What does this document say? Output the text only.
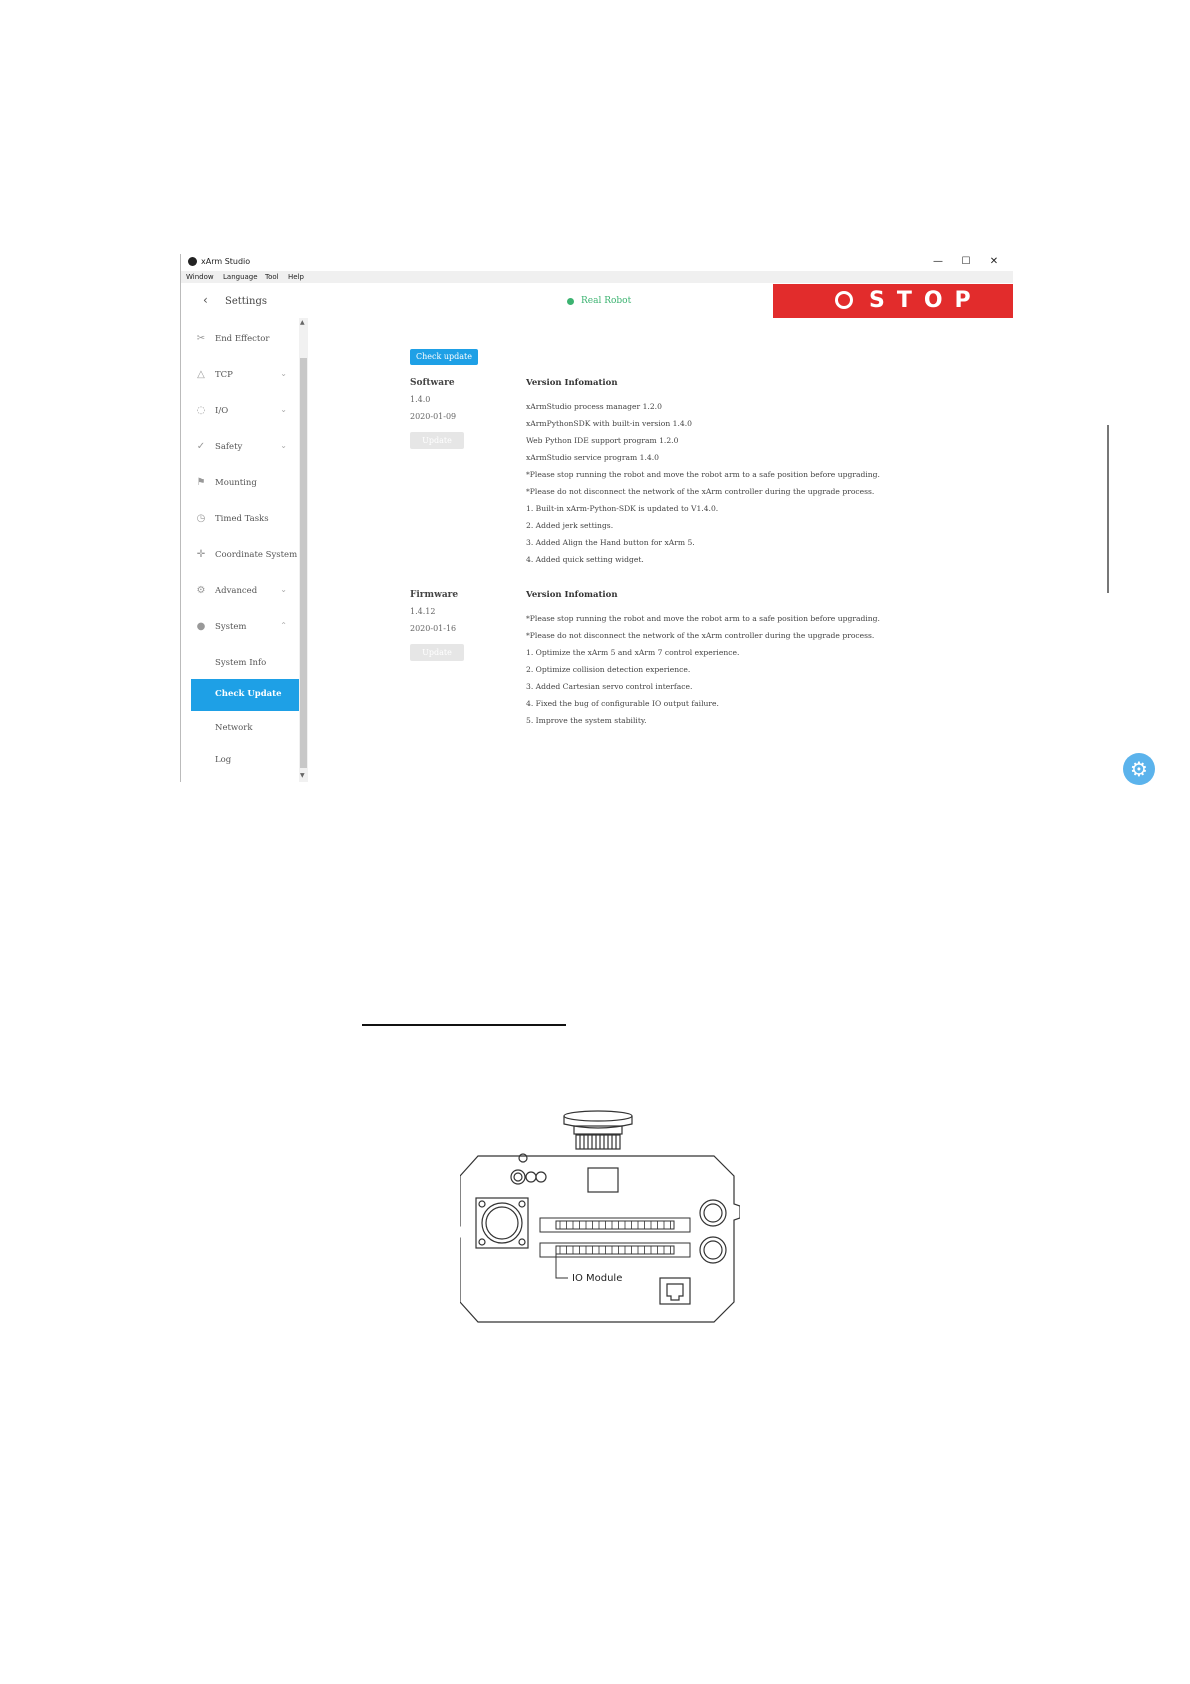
xArm Studio	— ☐ ✕
Window Language Tool Help
‹ Settings	Real Robot	STOP
✂ End Effector
△ TCP	⌄
◌ I/O	⌄
✓ Safety	⌄
⚑ Mounting
◷ Timed Tasks
✛ Coordinate System
⚙ Advanced	⌄
● System	⌃
System Info
Check Update
Network
Log
▲
▼
Check update
Software
1.4.0
2020-01-09
Update
Version Infomation
xArmStudio process manager 1.2.0
xArmPythonSDK with built-in version 1.4.0
Web Python IDE support program 1.2.0
xArmStudio service program 1.4.0
*Please stop running the robot and move the robot arm to a safe position before upgrading.
*Please do not disconnect the network of the xArm controller during the upgrade process.
1. Built-in xArm-Python-SDK is updated to V1.4.0.
2. Added jerk settings.
3. Added Align the Hand button for xArm 5.
4. Added quick setting widget.
Firmware
1.4.12
2020-01-16
Update
Version Infomation
*Please stop running the robot and move the robot arm to a safe position before upgrading.
*Please do not disconnect the network of the xArm controller during the upgrade process.
1. Optimize the xArm 5 and xArm 7 control experience.
2. Optimize collision detection experience.
3. Added Cartesian servo control interface.
4. Fixed the bug of configurable IO output failure.
5. Improve the system stability.
⚙
IO Module
